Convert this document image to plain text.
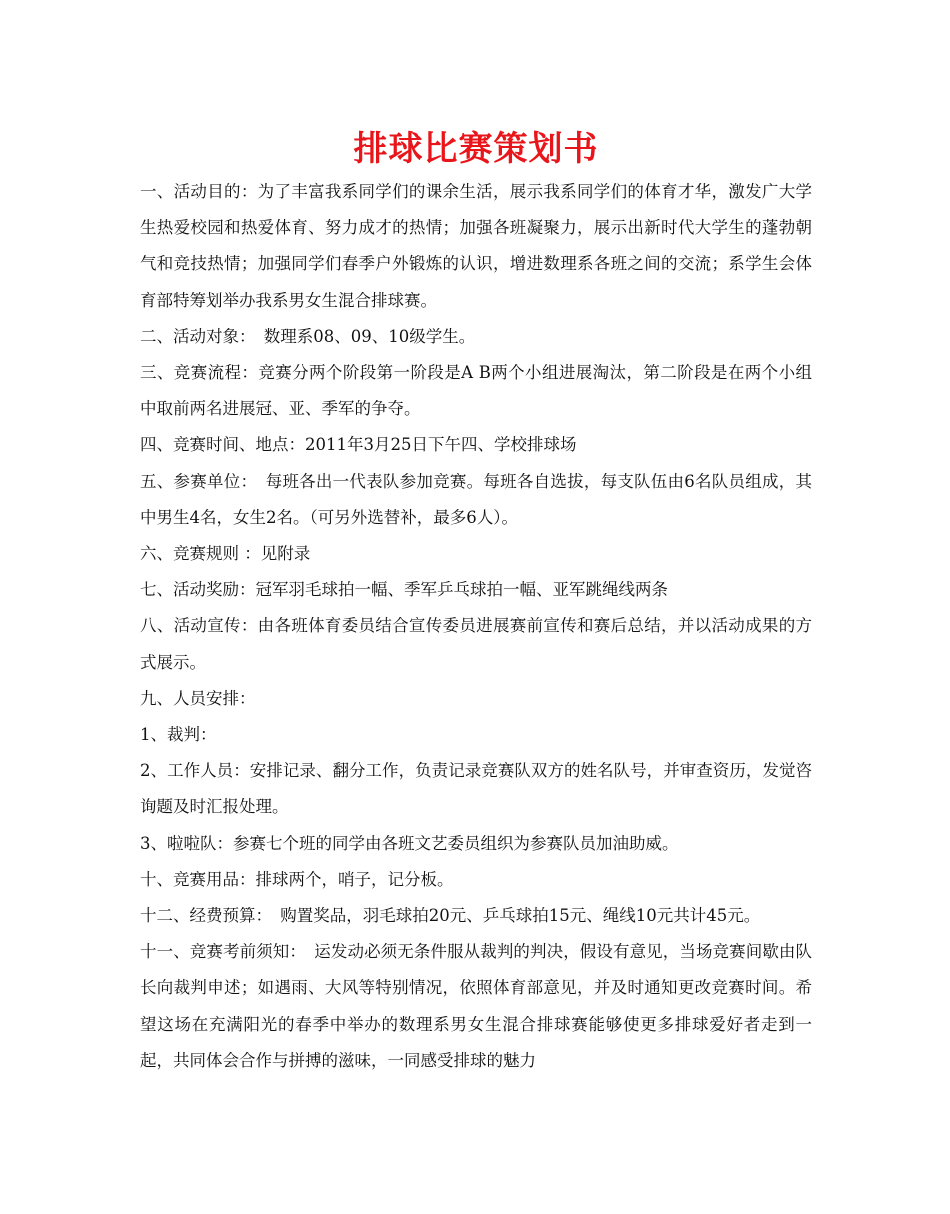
排球比赛策划书

一、活动目的：为了丰富我系同学们的课余生活，展示我系同学们的体育才华，激发广大学生热爱校园和热爱体育、努力成才的热情；加强各班凝聚力，展示出新时代大学生的蓬勃朝气和竞技热情；加强同学们春季户外锻炼的认识，增进数理系各班之间的交流；系学生会体育部特筹划举办我系男女生混合排球赛。

二、活动对象：　数理系08、09、10级学生。

三、竞赛流程：竞赛分两个阶段第一阶段是A B两个小组进展淘汰，第二阶段是在两个小组中取前两名进展冠、亚、季军的争夺。

四、竞赛时间、地点：2011年3月25日下午四、学校排球场

五、参赛单位：　每班各出一代表队参加竞赛。每班各自选拔，每支队伍由6名队员组成，其中男生4名，女生2名。（可另外选替补，最多6人）。

六、竞赛规则 ：见附录

七、活动奖励：冠军羽毛球拍一幅、季军乒乓球拍一幅、亚军跳绳线两条

八、活动宣传：由各班体育委员结合宣传委员进展赛前宣传和赛后总结，并以活动成果的方式展示。

九、人员安排：

1、裁判：

2、工作人员：安排记录、翻分工作，负责记录竞赛队双方的姓名队号，并审查资历，发觉咨询题及时汇报处理。

3、啦啦队：参赛七个班的同学由各班文艺委员组织为参赛队员加油助威。

十、竞赛用品：排球两个，哨子，记分板。

十二、经费预算：　购置奖品，羽毛球拍20元、乒乓球拍15元、绳线10元共计45元。

十一、竞赛考前须知：　运发动必须无条件服从裁判的判决，假设有意见，当场竞赛间歇由队长向裁判申述；如遇雨、大风等特别情况，依照体育部意见，并及时通知更改竞赛时间。希望这场在充满阳光的春季中举办的数理系男女生混合排球赛能够使更多排球爱好者走到一起，共同体会合作与拼搏的滋味，一同感受排球的魅力
